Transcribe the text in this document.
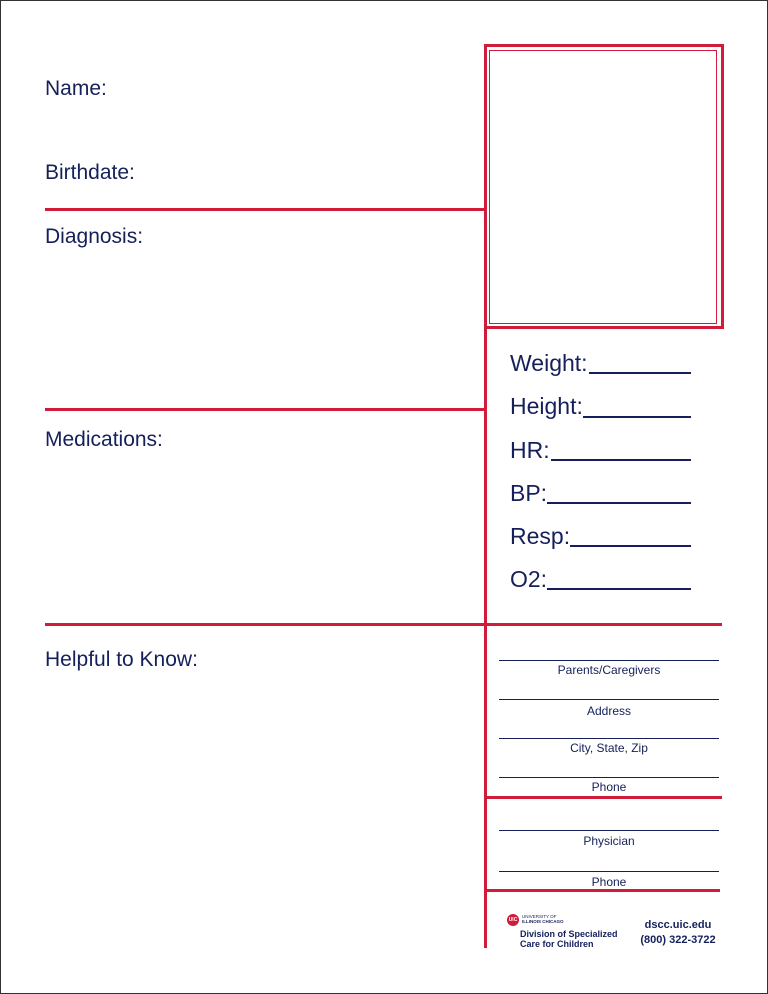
Name:
Birthdate:
Diagnosis:
Medications:
Helpful to Know:
Weight:
Height:
HR:
BP:
Resp:
O2:
Parents/Caregivers
Address
City, State, Zip
Phone
Physician
Phone
UIC
UNIVERSITY OF
ILLINOIS CHICAGO
Division of Specialized
Care for Children
dscc.uic.edu
(800) 322-3722
